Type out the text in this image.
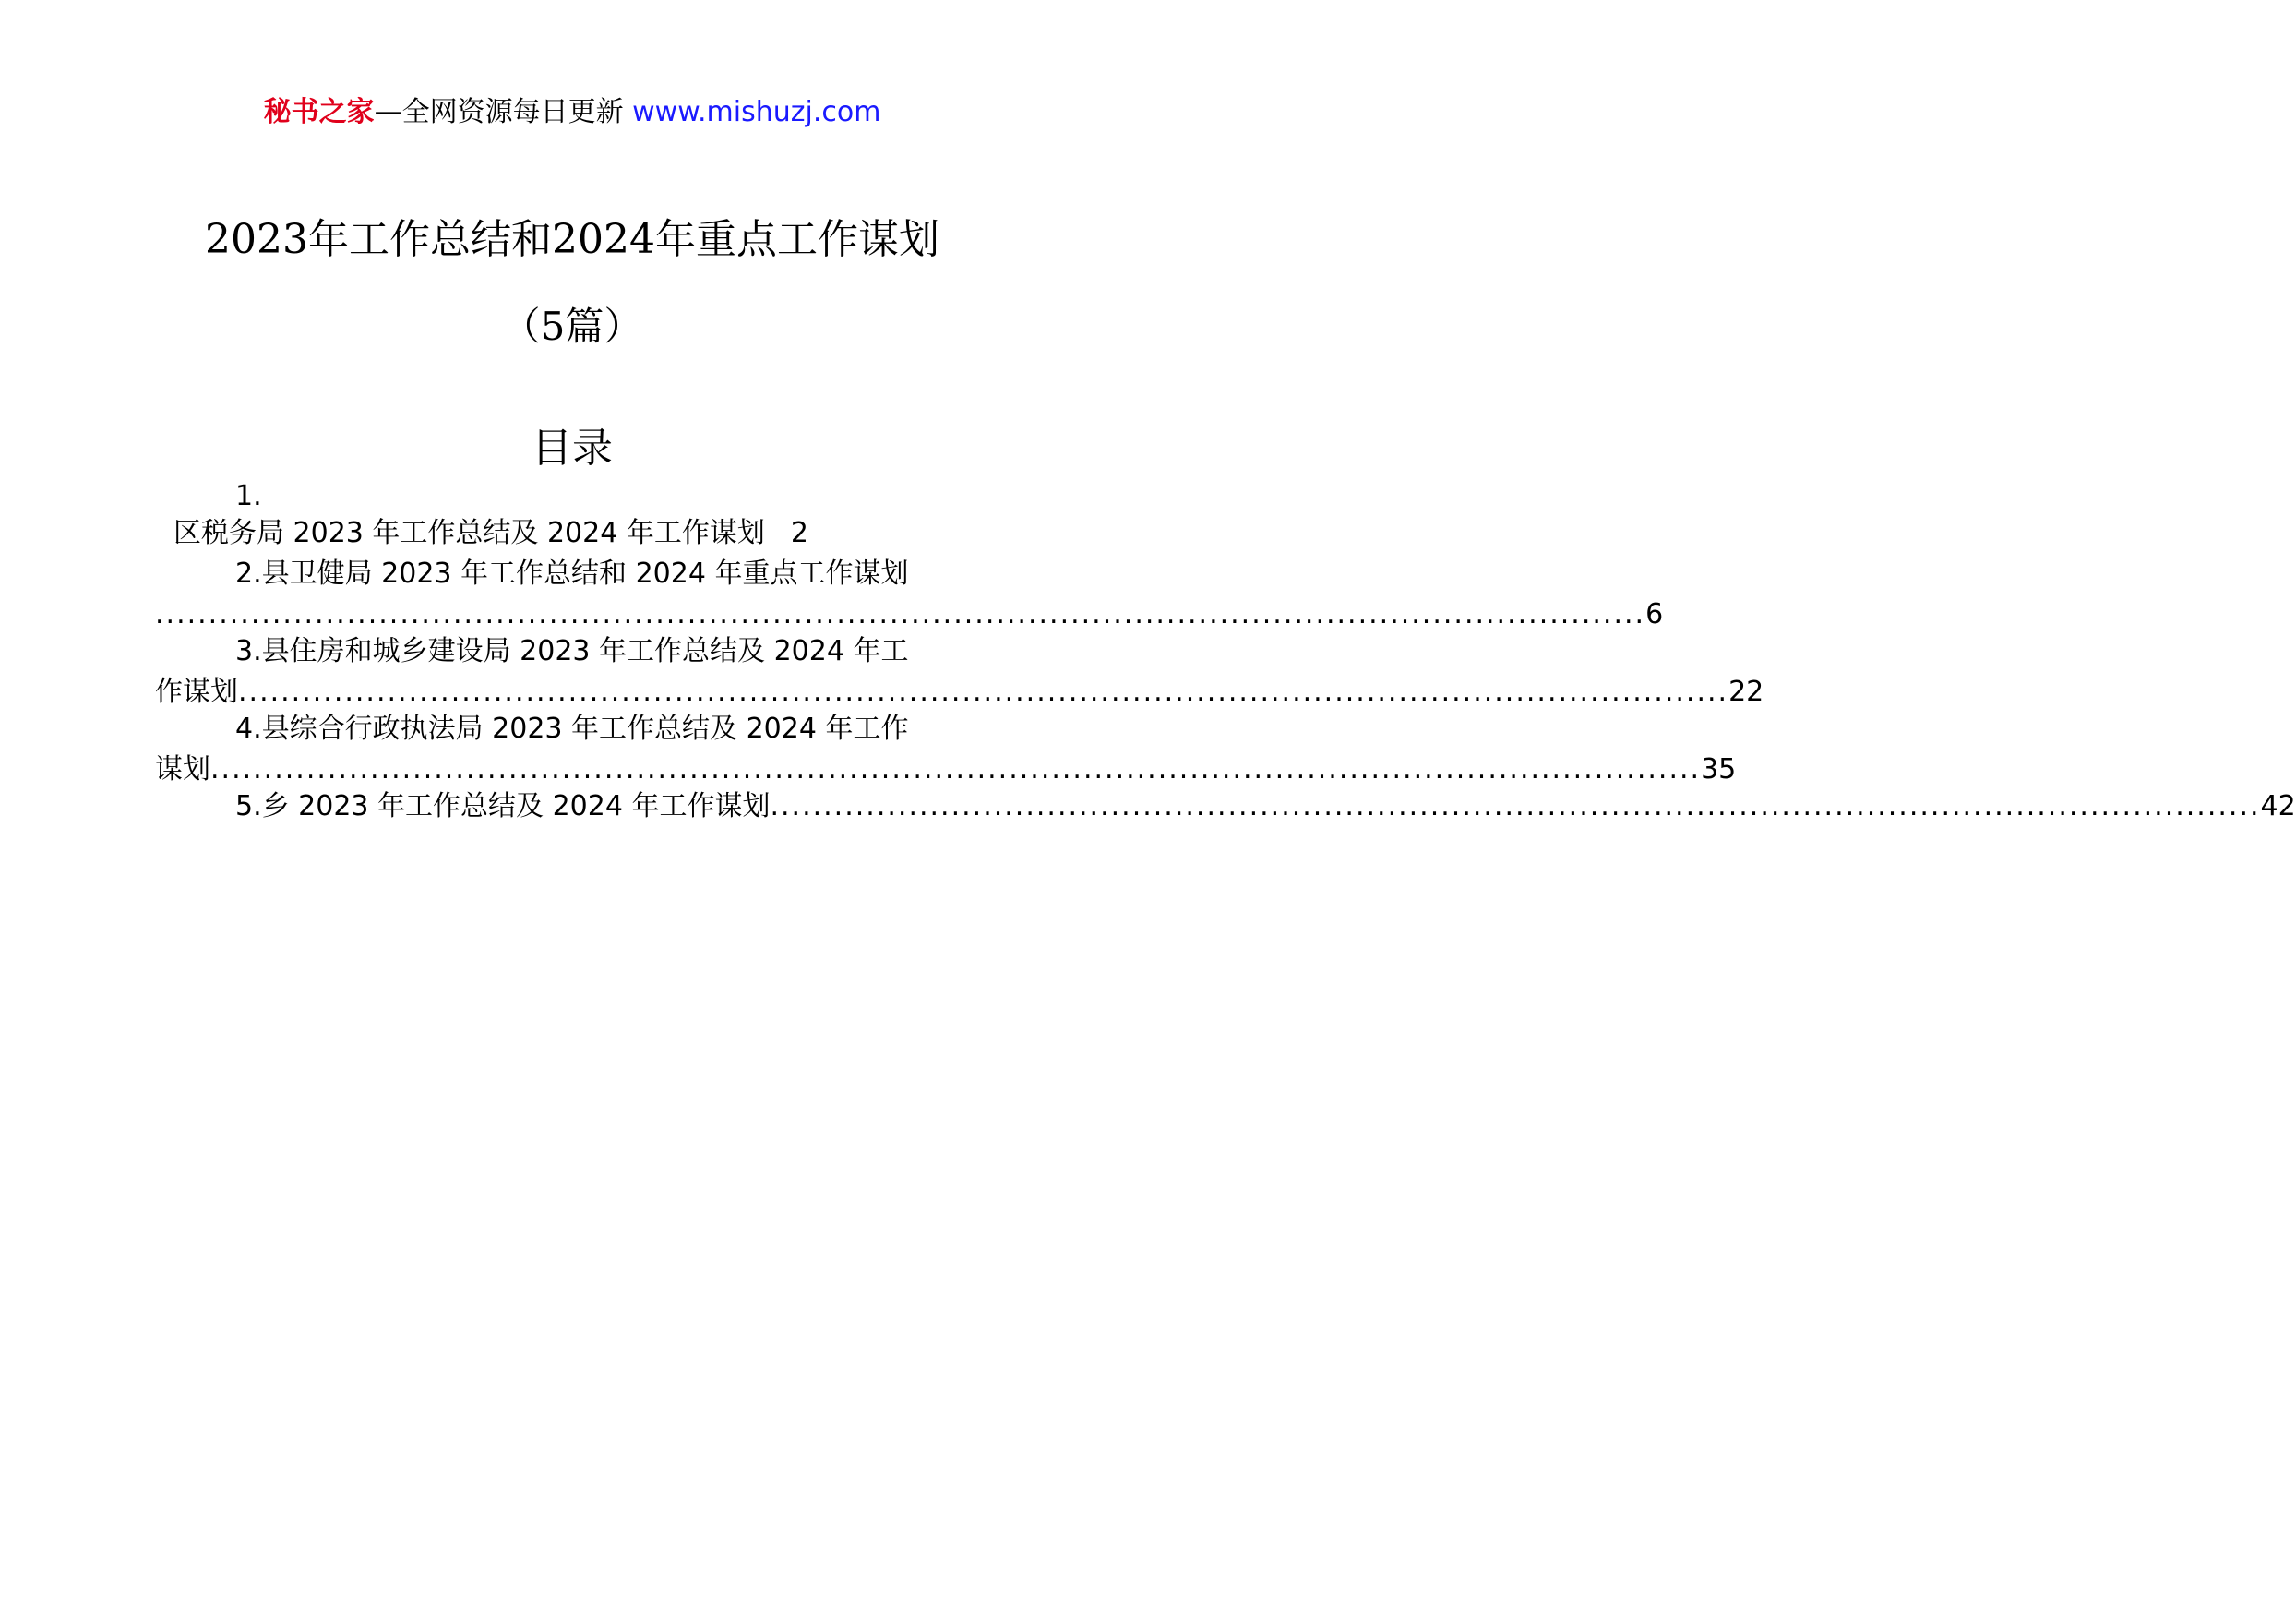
秘书之家—全网资源每日更新 www.mishuzj.com
2023年工作总结和2024年重点工作谋划
（5篇）
目录
1.
区税务局 2023 年工作总结及 2024 年工作谋划 2
2.县卫健局 2023 年工作总结和 2024 年重点工作谋划
............................................................................................................................................ 6
3.县住房和城乡建设局 2023 年工作总结及 2024 年工
作谋划 ............................................................................................................................................ 22
4.县综合行政执法局 2023 年工作总结及 2024 年工作
谋划 ............................................................................................................................................ 35
5.乡 2023 年工作总结及 2024 年工作谋划 ............................................................................................................................................ 42
